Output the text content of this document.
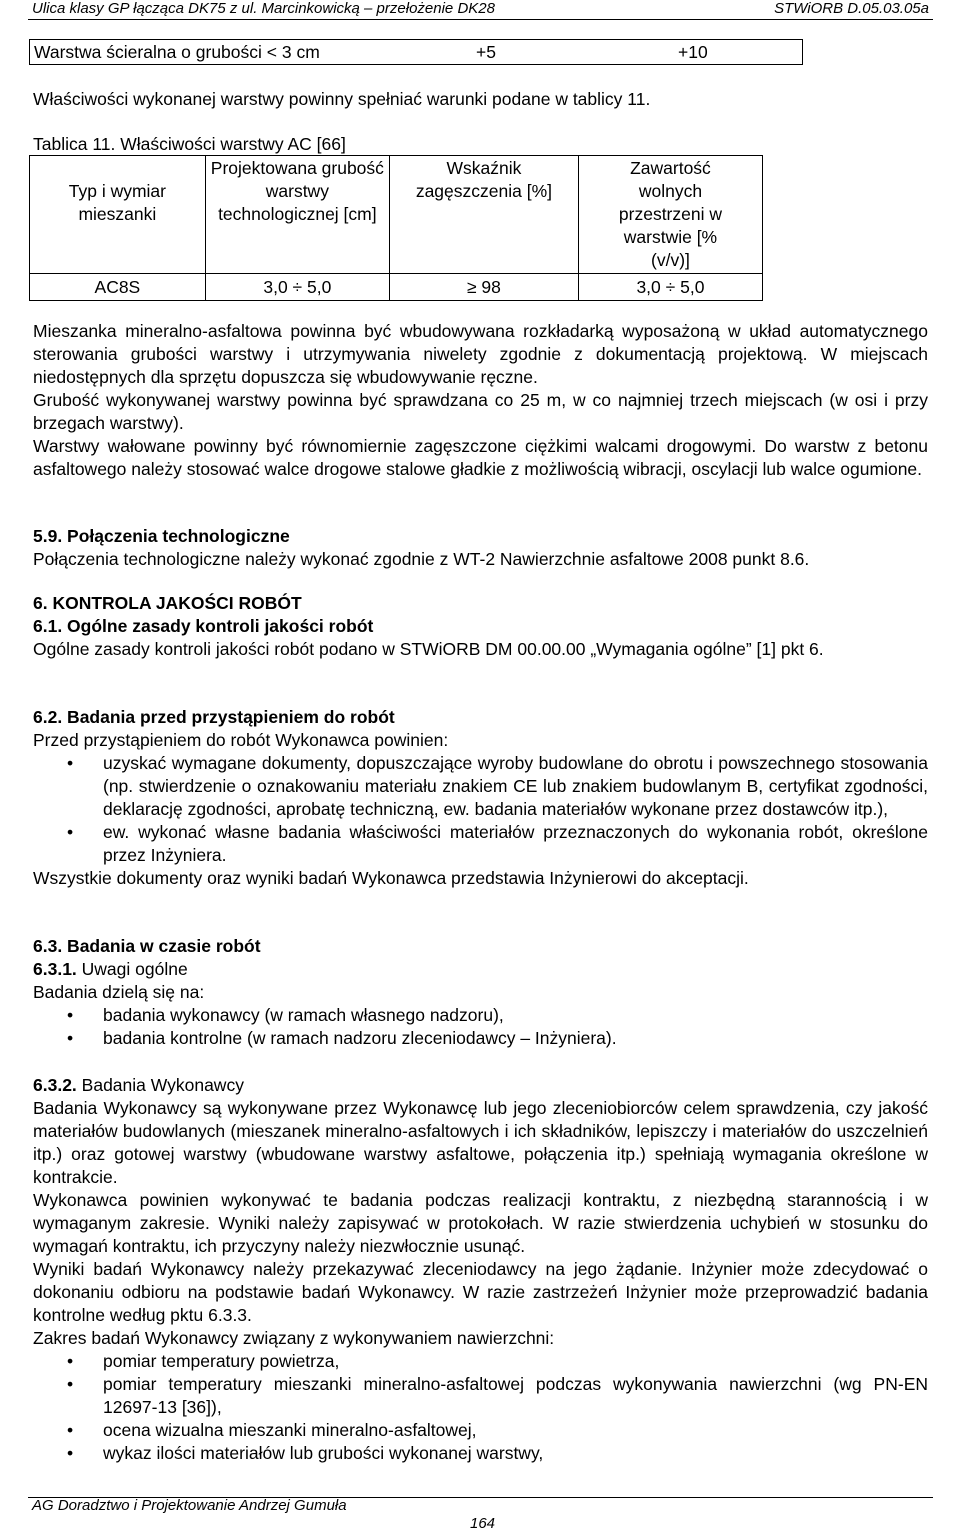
Ulica klasy GP łącząca DK75 z ul. Marcinkowicką – przełożenie DK28	STWiORB D.05.03.05a
Warstwa ścieralna o grubości < 3 cm	+5	+10
Właściwości wykonanej warstwy powinny spełniać warunki podane w tablicy 11.
Tablica 11. Właściwości warstwy AC [66]
Typ i wymiar mieszanki	Projektowana grubość warstwy technologicznej [cm]	Wskaźnik zagęszczenia [%]	Zawartość wolnych przestrzeni w warstwie [%(v/v)]

AC8S	3,0 ÷ 5,0	≥ 98	3,0 ÷ 5,0
Mieszanka mineralno-asfaltowa powinna być wbudowywana rozkładarką wyposażoną w układ automatycznego sterowania grubości warstwy i utrzymywania niwelety zgodnie z dokumentacją projektową. W miejscach niedostępnych dla sprzętu dopuszcza się wbudowywanie ręczne.
Grubość wykonywanej warstwy powinna być sprawdzana co 25 m, w co najmniej trzech miejscach (w osi i przy brzegach warstwy).
Warstwy wałowane powinny być równomiernie zagęszczone ciężkimi walcami drogowymi. Do warstw z betonu asfaltowego należy stosować walce drogowe stalowe gładkie z możliwością wibracji, oscylacji lub walce ogumione.
5.9. Połączenia technologiczne
Połączenia technologiczne należy wykonać zgodnie z WT-2 Nawierzchnie asfaltowe 2008 punkt 8.6.
6. KONTROLA JAKOŚCI ROBÓT
6.1. Ogólne zasady kontroli jakości robót
Ogólne zasady kontroli jakości robót podano w STWiORB DM 00.00.00 „Wymagania ogólne” [1] pkt 6.
6.2. Badania przed przystąpieniem do robót
Przed przystąpieniem do robót Wykonawca powinien:
• uzyskać wymagane dokumenty, dopuszczające wyroby budowlane do obrotu i powszechnego stosowania (np. stwierdzenie o oznakowaniu materiału znakiem CE lub znakiem budowlanym B, certyfikat zgodności, deklarację zgodności, aprobatę techniczną, ew. badania materiałów wykonane przez dostawców itp.),
• ew. wykonać własne badania właściwości materiałów przeznaczonych do wykonania robót, określone przez Inżyniera.
Wszystkie dokumenty oraz wyniki badań Wykonawca przedstawia Inżynierowi do akceptacji.
6.3. Badania w czasie robót
6.3.1. Uwagi ogólne
Badania dzielą się na:
• badania wykonawcy (w ramach własnego nadzoru),
• badania kontrolne (w ramach nadzoru zleceniodawcy – Inżyniera).
6.3.2. Badania Wykonawcy
Badania Wykonawcy są wykonywane przez Wykonawcę lub jego zleceniobiorców celem sprawdzenia, czy jakość materiałów budowlanych (mieszanek mineralno-asfaltowych i ich składników, lepiszczy i materiałów do uszczelnień itp.) oraz gotowej warstwy (wbudowane warstwy asfaltowe, połączenia itp.) spełniają wymagania określone w kontrakcie.
Wykonawca powinien wykonywać te badania podczas realizacji kontraktu, z niezbędną starannością i w wymaganym zakresie. Wyniki należy zapisywać w protokołach. W razie stwierdzenia uchybień w stosunku do wymagań kontraktu, ich przyczyny należy niezwłocznie usunąć.
Wyniki badań Wykonawcy należy przekazywać zleceniodawcy na jego żądanie. Inżynier może zdecydować o dokonaniu odbioru na podstawie badań Wykonawcy. W razie zastrzeżeń Inżynier może przeprowadzić badania kontrolne według pktu 6.3.3.
Zakres badań Wykonawcy związany z wykonywaniem nawierzchni:
• pomiar temperatury powietrza,
• pomiar temperatury mieszanki mineralno-asfaltowej podczas wykonywania nawierzchni (wg PN-EN 12697-13 [36]),
• ocena wizualna mieszanki mineralno-asfaltowej,
• wykaz ilości materiałów lub grubości wykonanej warstwy,
AG Doradztwo i Projektowanie Andrzej Gumuła
164
